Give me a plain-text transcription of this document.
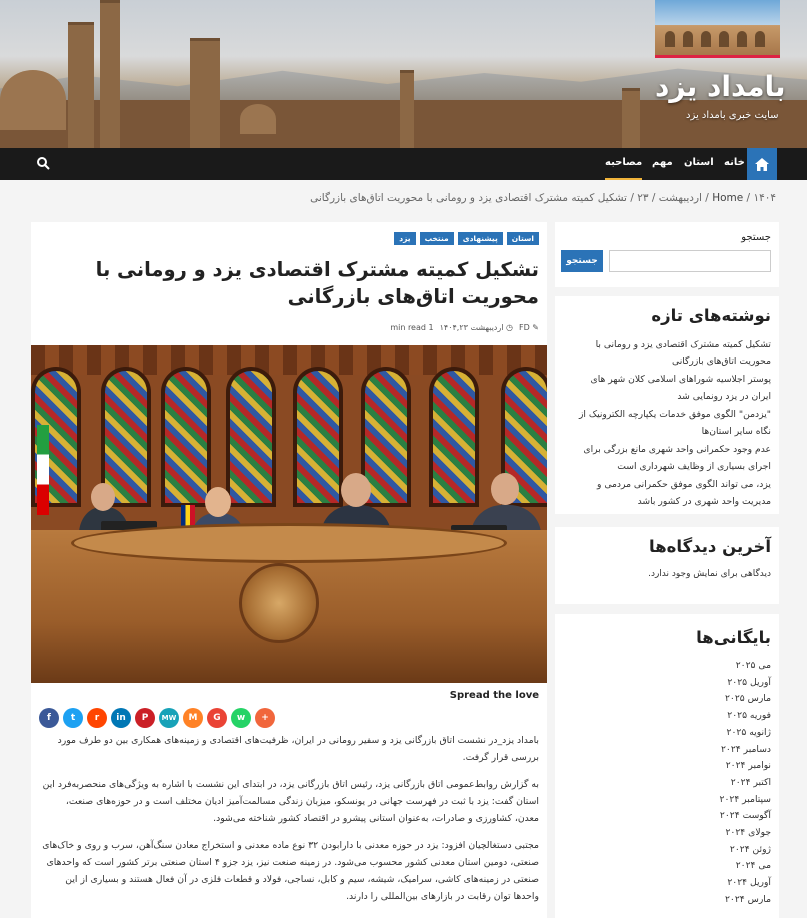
بامداد یزد
سایت خبری بامداد یزد
خانه
استان
مهم
مصاحبه
Home / ۱۴۰۴ / اردیبهشت / ۲۳ / تشکیل کمیته مشترک اقتصادی یزد و رومانی با محوریت اتاق‌های بازرگانی
استان
پیشنهادی
منتخب
یزد
تشکیل کمیته مشترک اقتصادی یزد و رومانی با محوریت اتاق‌های بازرگانی
✎ FD
◷ اردیبهشت ۱۴۰۴,۲۳
1 min read
Spread the love
f	t	r	in	P	MW	M	G	w	+

بامداد یزد_در نشست اتاق بازرگانی یزد و سفیر رومانی در ایران، ظرفیت‌های اقتصادی و زمینه‌های همکاری بین دو طرف مورد بررسی قرار گرفت.

به گزارش روابط‌عمومی اتاق بازرگانی یزد، رئیس اتاق بازرگانی یزد، در ابتدای این نشست با اشاره به ویژگی‌های منحصربه‌فرد این استان گفت: یزد با ثبت در فهرست جهانی در یونسکو، میزبان زندگی مسالمت‌آمیز ادیان مختلف است و در حوزه‌های صنعت، معدن، کشاورزی و صادرات، به‌عنوان استانی پیشرو در اقتصاد کشور شناخته می‌شود.

مجتبی دستغالچیان افزود: یزد در حوزه معدنی با دارابودن ۳۲ نوع ماده معدنی و استخراج معادن سنگ‌آهن، سرب و روی و خاک‌های صنعتی، دومین استان معدنی کشور محسوب می‌شود. در زمینه صنعت نیز، یزد جزو ۴ استان صنعتی برتر کشور است که واحدهای صنعتی در زمینه‌های کاشی، سرامیک، شیشه، سیم و کابل، نساجی، فولاد و قطعات فلزی در آن فعال هستند و بسیاری از این واحدها توان رقابت در بازارهای بین‌المللی را دارند.

جستجو
جستجو
نوشته‌های تازه
تشکیل کمیته مشترک اقتصادی یزد و رومانی با محوریت اتاق‌های بازرگانی
پوستر اجلاسیه شوراهای اسلامی کلان شهر های ایران در یزد رونمایی شد
"یزدمن" الگوی موفق خدمات یکپارچه الکترونیک از نگاه سایر استان‌ها
عدم وجود حکمرانی واحد شهری مانع بزرگی برای اجرای بسیاری از وظایف شهرداری است
یزد، می تواند الگوی موفق حکمرانی مردمی و مدیریت واحد شهری در کشور باشد
آخرین دیدگاه‌ها
دیدگاهی برای نمایش وجود ندارد.
بایگانی‌ها
می ۲۰۲۵
آوریل ۲۰۲۵
مارس ۲۰۲۵
فوریه ۲۰۲۵
ژانویه ۲۰۲۵
دسامبر ۲۰۲۴
نوامبر ۲۰۲۴
اکتبر ۲۰۲۴
سپتامبر ۲۰۲۴
آگوست ۲۰۲۴
جولای ۲۰۲۴
ژوئن ۲۰۲۴
می ۲۰۲۴
آوریل ۲۰۲۴
مارس ۲۰۲۴
